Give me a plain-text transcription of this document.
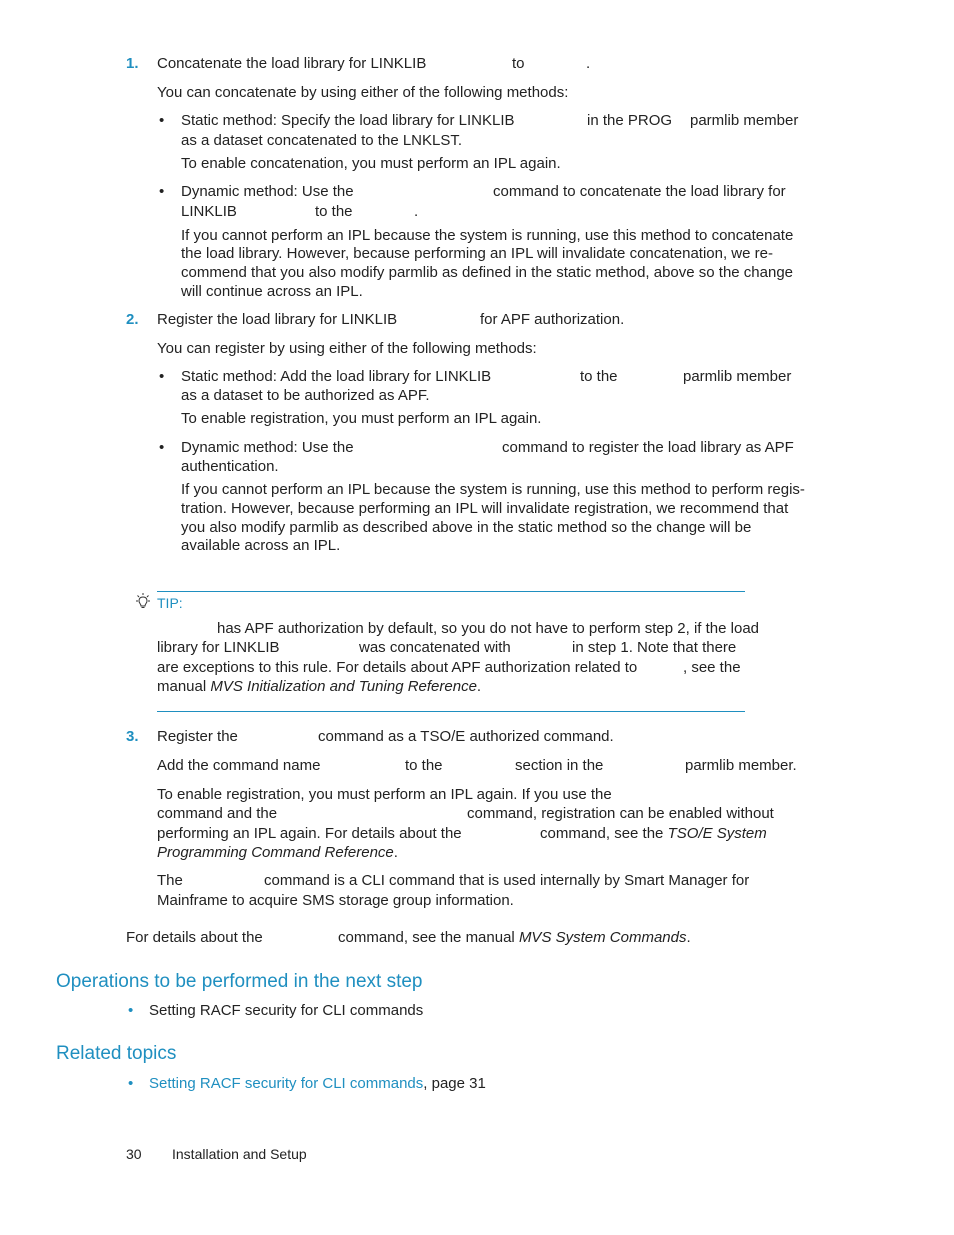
1. Concatenate the load library for LINKLIB	to	.
You can concatenate by using either of the following methods:
• Static method: Specify the load library for LINKLIB	in the PROG parmlib member
as a dataset concatenated to the LNKLST.
To enable concatenation, you must perform an IPL again.
• Dynamic method: Use the	command to concatenate the load library for
LINKLIB	to the	.
If you cannot perform an IPL because the system is running, use this method to concatenate
the load library. However, because performing an IPL will invalidate concatenation, we re-
commend that you also modify parmlib as defined in the static method, above so the change
will continue across an IPL.
2. Register the load library for LINKLIB	for APF authorization.
You can register by using either of the following methods:
• Static method: Add the load library for LINKLIB	to the	parmlib member
as a dataset to be authorized as APF.
To enable registration, you must perform an IPL again.
• Dynamic method: Use the	command to register the load library as APF
authentication.
If you cannot perform an IPL because the system is running, use this method to perform regis-
tration. However, because performing an IPL will invalidate registration, we recommend that
you also modify parmlib as described above in the static method so the change will be
available across an IPL.
TIP:
has APF authorization by default, so you do not have to perform step 2, if the load
library for LINKLIB	was concatenated with	in step 1. Note that there
are exceptions to this rule. For details about APF authorization related to	, see the
manual MVS Initialization and Tuning Reference.
3. Register the	command as a TSO/E authorized command.
Add the command name	to the	section in the	parmlib member.
To enable registration, you must perform an IPL again. If you use the
command and the	command, registration can be enabled without
performing an IPL again. For details about the	command, see the TSO/E System
Programming Command Reference.
The	command is a CLI command that is used internally by Smart Manager for
Mainframe to acquire SMS storage group information.
For details about the	command, see the manual MVS System Commands.
Operations to be performed in the next step
• Setting RACF security for CLI commands
Related topics
• Setting RACF security for CLI commands, page 31
30 Installation and Setup
